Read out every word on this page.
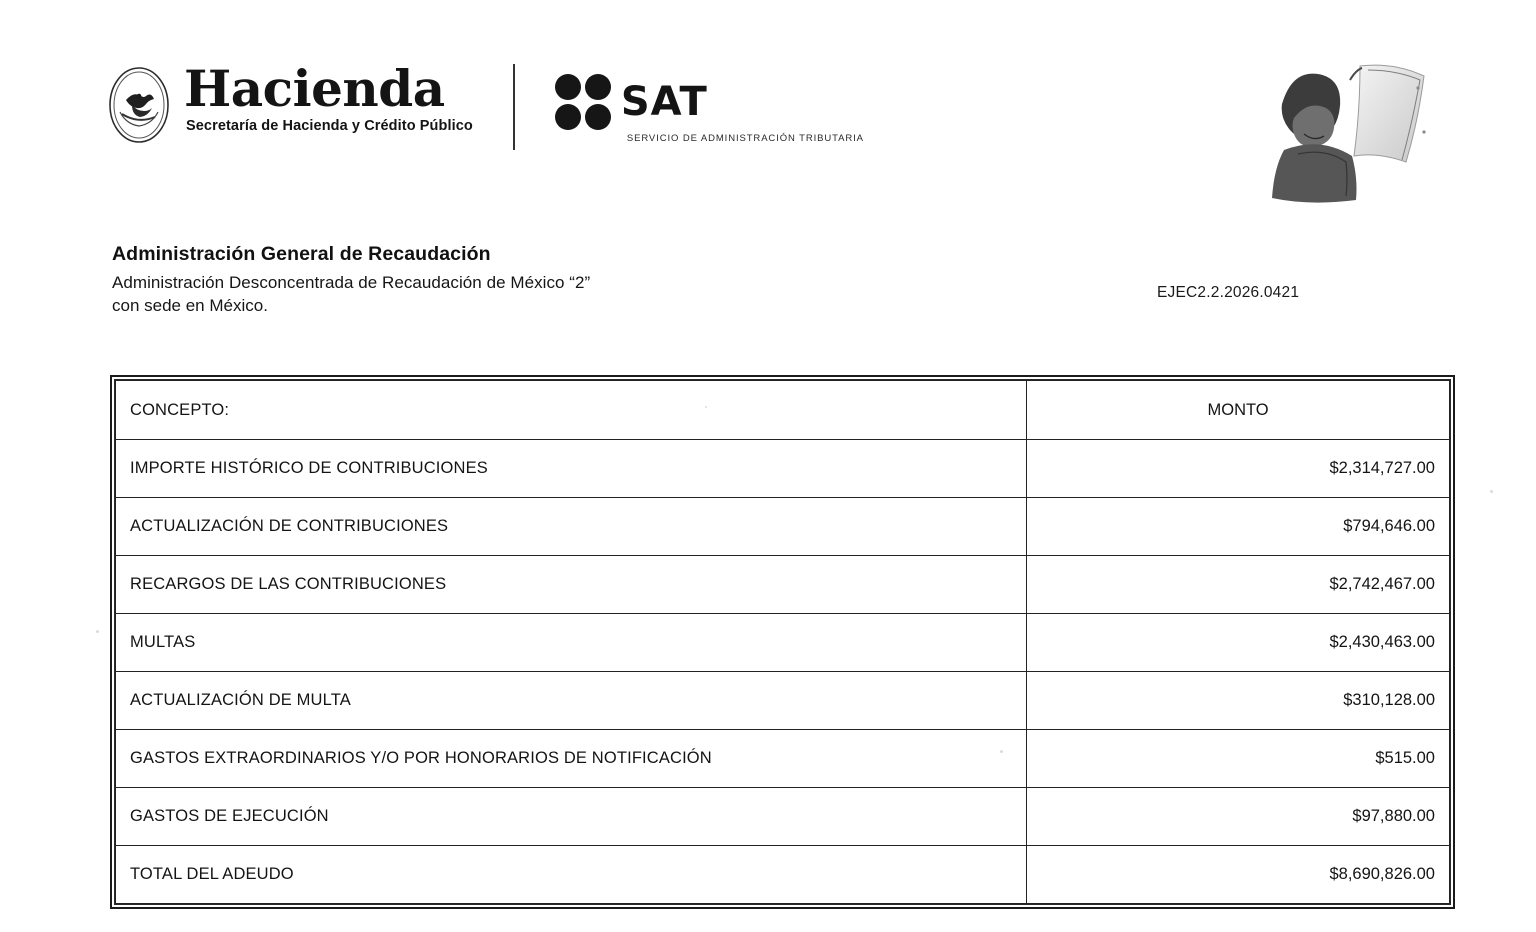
Hacienda
Secretaría de Hacienda y Crédito Público
SAT
SERVICIO DE ADMINISTRACIÓN TRIBUTARIA
Administración General de Recaudación
Administración Desconcentrada de Recaudación de México “2”
con sede en México.
EJEC2.2.2026.0421
CONCEPTO:	MONTO
IMPORTE HISTÓRICO DE CONTRIBUCIONES	$2,314,727.00
ACTUALIZACIÓN DE CONTRIBUCIONES	$794,646.00
RECARGOS DE LAS CONTRIBUCIONES	$2,742,467.00
MULTAS	$2,430,463.00
ACTUALIZACIÓN DE MULTA	$310,128.00
GASTOS EXTRAORDINARIOS Y/O POR HONORARIOS DE NOTIFICACIÓN	$515.00
GASTOS DE EJECUCIÓN	$97,880.00
TOTAL DEL ADEUDO	$8,690,826.00
